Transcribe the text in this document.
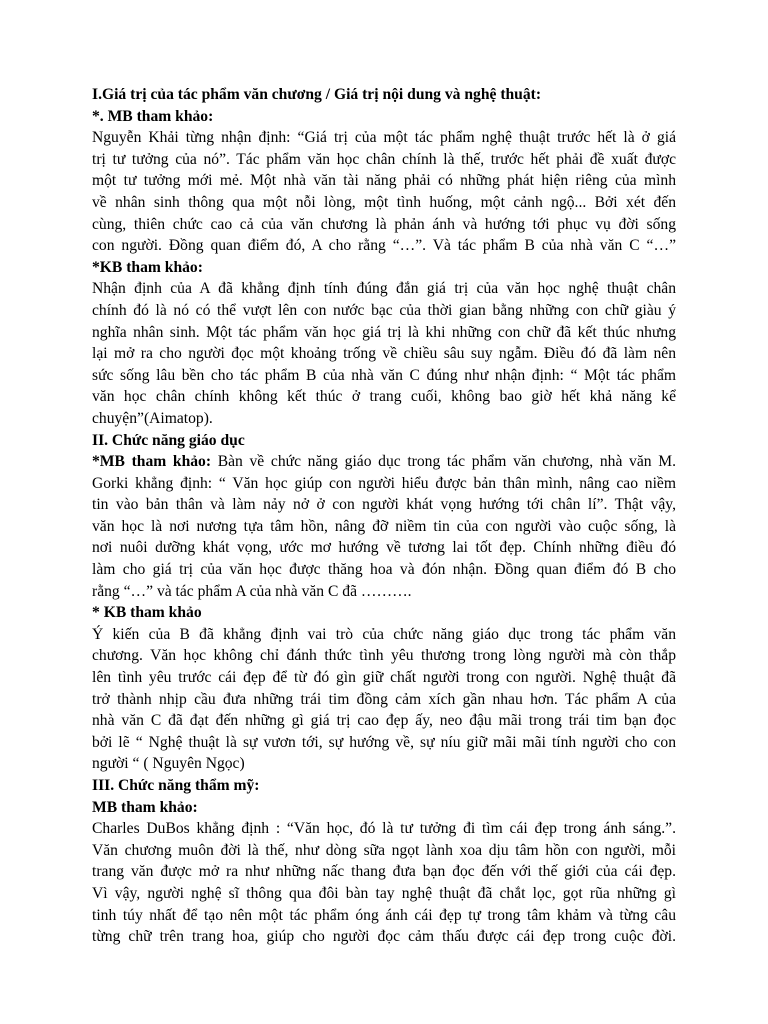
I.Giá trị của tác phẩm văn chương / Giá trị nội dung và nghệ thuật:
*. MB tham khảo:
Nguyễn Khải từng nhận định: “Giá trị của một tác phẩm nghệ thuật trước hết là ở giá
trị tư tưởng của nó”. Tác phẩm văn học chân chính là thế, trước hết phải đề xuất được
một tư tưởng mới mẻ. Một nhà văn tài năng phải có những phát hiện riêng của mình
về nhân sinh thông qua một nỗi lòng, một tình huống, một cảnh ngộ... Bởi xét đến
cùng, thiên chức cao cả của văn chương là phản ánh và hướng tới phục vụ đời sống
con người. Đồng quan điểm đó, A cho rằng “…”. Và tác phẩm B của nhà văn C “…”
*KB tham khảo:
Nhận định của A đã khẳng định tính đúng đắn giá trị của văn học nghệ thuật chân
chính đó là nó có thể vượt lên con nước bạc của thời gian bằng những con chữ giàu ý
nghĩa nhân sinh. Một tác phẩm văn học giá trị là khi những con chữ đã kết thúc nhưng
lại mở ra cho người đọc một khoảng trống về chiều sâu suy ngẫm. Điều đó đã làm nên
sức sống lâu bền cho tác phẩm B của nhà văn C đúng như nhận định: “ Một tác phẩm
văn học chân chính không kết thúc ở trang cuối, không bao giờ hết khả năng kể
chuyện”(Aimatop).
II. Chức năng giáo dục
*MB tham khảo: Bàn về chức năng giáo dục trong tác phẩm văn chương, nhà văn M.
Gorki khẳng định: “ Văn học giúp con người hiểu được bản thân mình, nâng cao niềm
tin vào bản thân và làm nảy nở ở con người khát vọng hướng tới chân lí”. Thật vậy,
văn học là nơi nương tựa tâm hồn, nâng đỡ niềm tin của con người vào cuộc sống, là
nơi nuôi dưỡng khát vọng, ước mơ hướng về tương lai tốt đẹp. Chính những điều đó
làm cho giá trị của văn học được thăng hoa và đón nhận. Đồng quan điểm đó B cho
rằng “…” và tác phẩm A của nhà văn C đã ……….
* KB tham khảo
Ý kiến của B đã khẳng định vai trò của chức năng giáo dục trong tác phẩm văn
chương. Văn học không chỉ đánh thức tình yêu thương trong lòng người mà còn thắp
lên tình yêu trước cái đẹp để từ đó gìn giữ chất người trong con người. Nghệ thuật đã
trở thành nhịp cầu đưa những trái tim đồng cảm xích gần nhau hơn. Tác phẩm A của
nhà văn C đã đạt đến những gì giá trị cao đẹp ấy, neo đậu mãi trong trái tim bạn đọc
bởi lẽ “ Nghệ thuật là sự vươn tới, sự hướng về, sự níu giữ mãi mãi tính người cho con
người “ ( Nguyên Ngọc)
III. Chức năng thẩm mỹ:
MB tham khảo:
Charles DuBos khẳng định : “Văn học, đó là tư tưởng đi tìm cái đẹp trong ánh sáng.”.
Văn chương muôn đời là thế, như dòng sữa ngọt lành xoa dịu tâm hồn con người, mỗi
trang văn được mở ra như những nấc thang đưa bạn đọc đến với thế giới của cái đẹp.
Vì vậy, người nghệ sĩ thông qua đôi bàn tay nghệ thuật đã chắt lọc, gọt rũa những gì
tinh túy nhất để tạo nên một tác phẩm óng ánh cái đẹp tự trong tâm khảm và từng câu
từng chữ trên trang hoa, giúp cho người đọc cảm thấu được cái đẹp trong cuộc đời.
